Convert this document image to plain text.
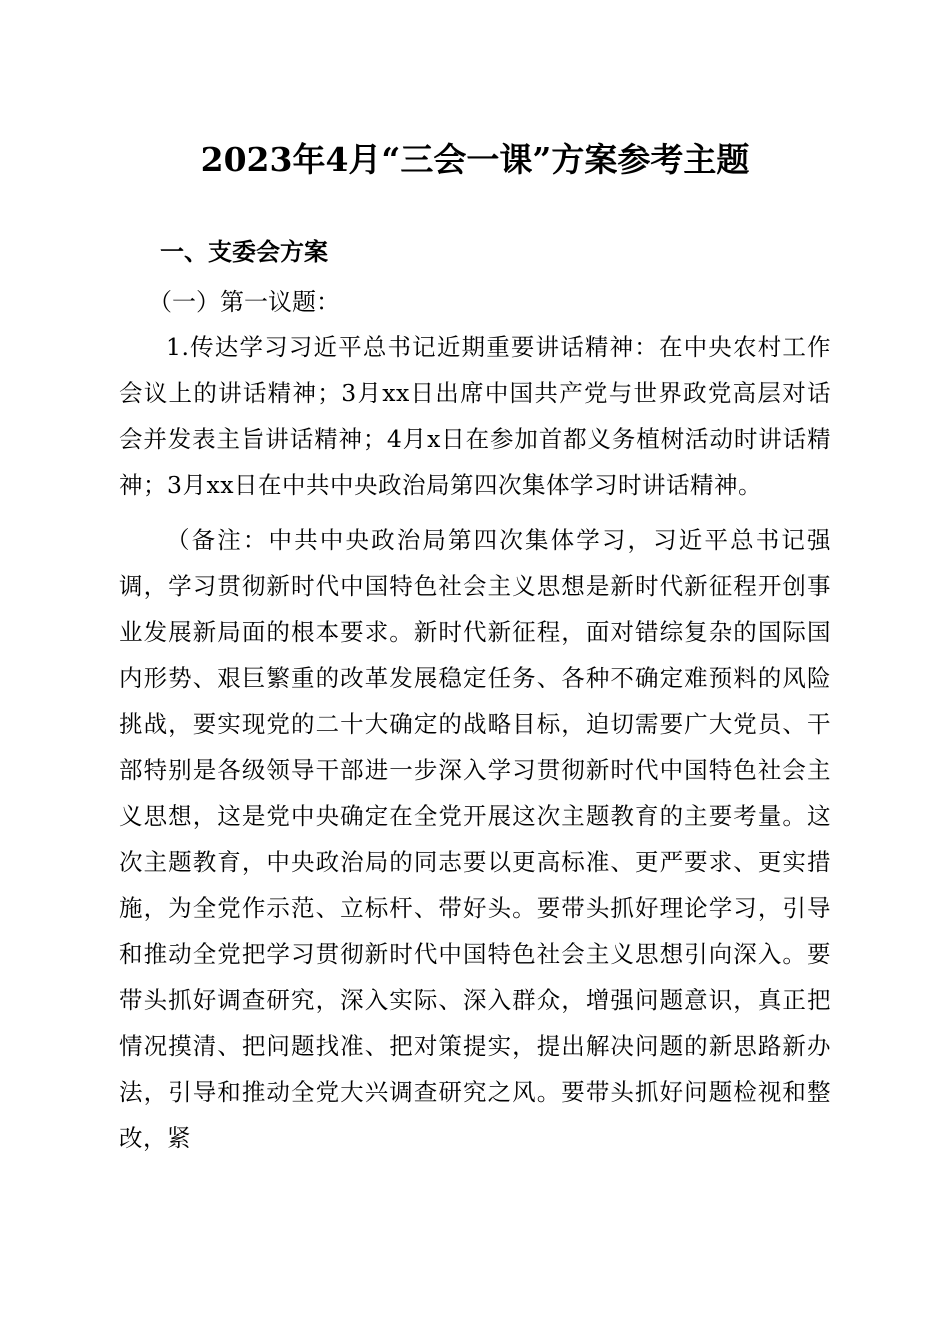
2023年4月“三会一课”方案参考主题
一、支委会方案
（一）第一议题：

1.传达学习习近平总书记近期重要讲话精神：在中央农村工作会议上的讲话精神；3月xx日出席中国共产党与世界政党高层对话会并发表主旨讲话精神；4月x日在参加首都义务植树活动时讲话精神；3月xx日在中共中央政治局第四次集体学习时讲话精神。

（备注：中共中央政治局第四次集体学习，习近平总书记强调，学习贯彻新时代中国特色社会主义思想是新时代新征程开创事业发展新局面的根本要求。新时代新征程，面对错综复杂的国际国内形势、艰巨繁重的改革发展稳定任务、各种不确定难预料的风险挑战，要实现党的二十大确定的战略目标，迫切需要广大党员、干部特别是各级领导干部进一步深入学习贯彻新时代中国特色社会主义思想，这是党中央确定在全党开展这次主题教育的主要考量。这次主题教育，中央政治局的同志要以更高标准、更严要求、更实措施，为全党作示范、立标杆、带好头。要带头抓好理论学习，引导和推动全党把学习贯彻新时代中国特色社会主义思想引向深入。要带头抓好调查研究，深入实际、深入群众，增强问题意识，真正把情况摸清、把问题找准、把对策提实，提出解决问题的新思路新办法，引导和推动全党大兴调查研究之风。要带头抓好问题检视和整改，紧
